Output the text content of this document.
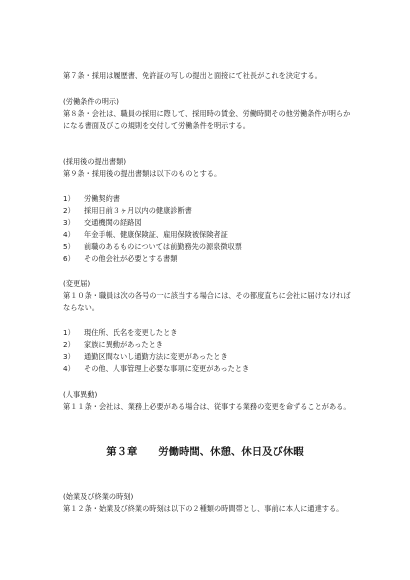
第７条・採用は履歴書、免許証の写しの提出と面接にて社長がこれを決定する。
(労働条件の明示)
第８条・会社は、職員の採用に際して、採用時の賃金、労働時間その他労働条件が明らか
になる書面及びこの規則を交付して労働条件を明示する。
(採用後の提出書類)
第９条・採用後の提出書類は以下のものとする。
1） 労働契約書
2） 採用日前３ヶ月以内の健康診断書
3） 交通機関の経路図
4） 年金手帳、健康保険証、雇用保険被保険者証
5） 前職のあるものについては前勤務先の源泉徴収票
6） その他会社が必要とする書類
(変更届)
第１０条・職員は次の各号の一に該当する場合には、その都度直ちに会社に届けなければ
ならない。
1） 現住所、氏名を変更したとき
2） 家族に異動があったとき
3） 通勤区間ないし通勤方法に変更があったとき
4） その他、人事管理上必要な事項に変更があったとき
(人事異動)
第１１条・会社は、業務上必要がある場合は、従事する業務の変更を命ずることがある。
第３章　　労働時間、休憩、休日及び休暇
(始業及び終業の時刻)
第１２条・始業及び終業の時刻は以下の２種類の時間帯とし、事前に本人に通達する。
